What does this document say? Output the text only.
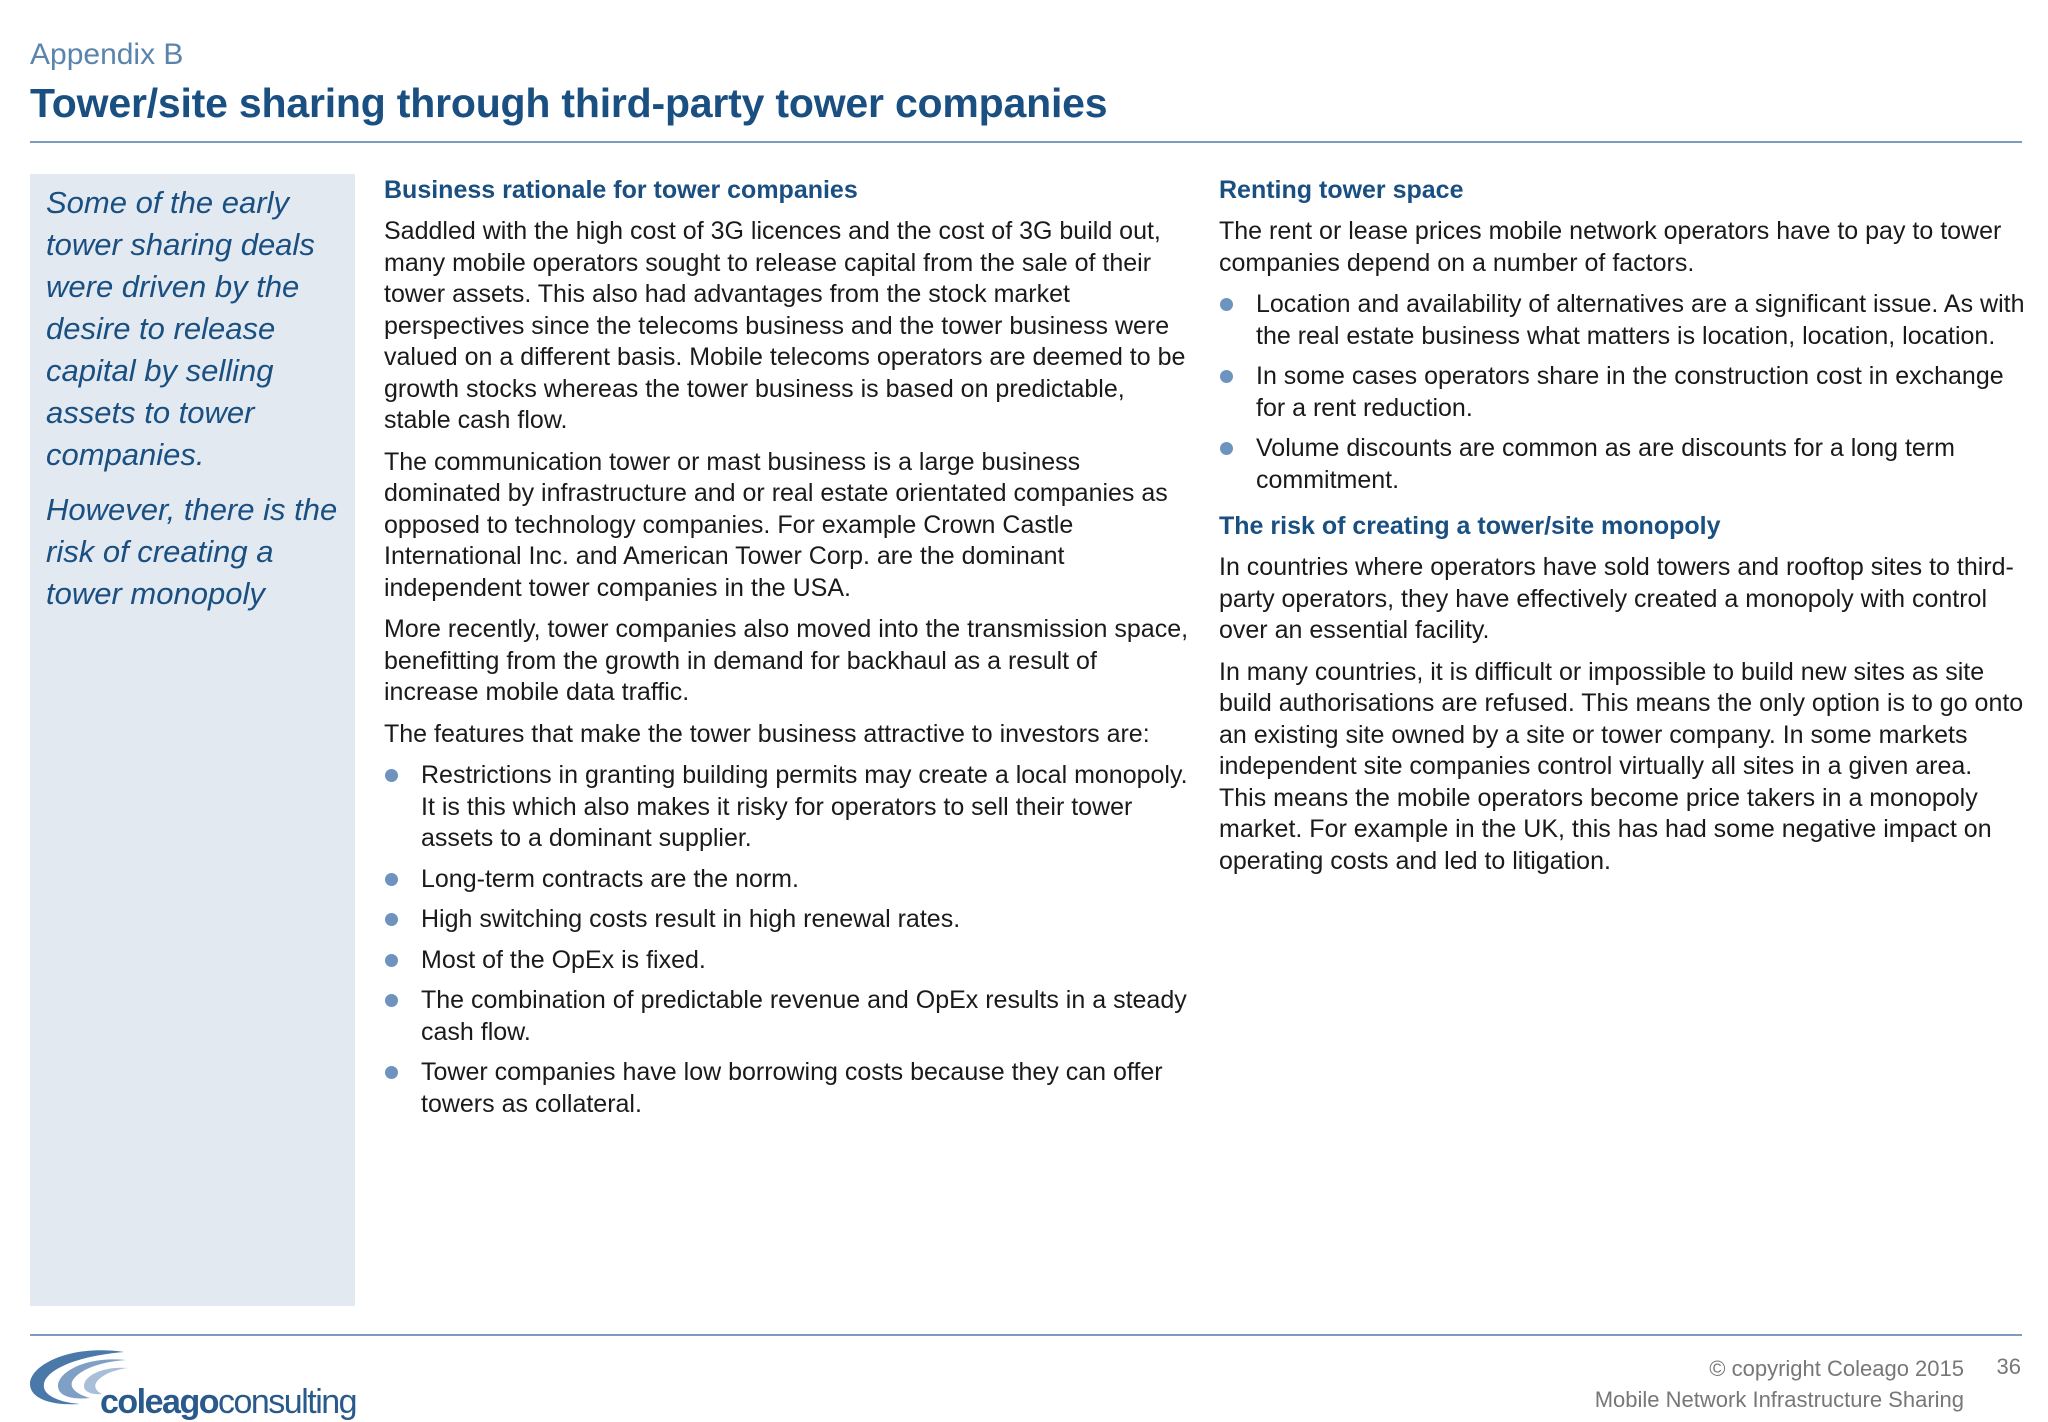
Appendix B
Tower/site sharing through third-party tower companies

Some of the early tower sharing deals were driven by the desire to release capital by selling assets to tower companies.

However, there is the risk of creating a tower monopoly

Business rationale for tower companies

Saddled with the high cost of 3G licences and the cost of 3G build out, many mobile operators sought to release capital from the sale of their tower assets. This also had advantages from the stock market perspectives since the telecoms business and the tower business were valued on a different basis. Mobile telecoms operators are deemed to be growth stocks whereas the tower business is based on predictable, stable cash flow.

The communication tower or mast business is a large business dominated by infrastructure and or real estate orientated companies as opposed to technology companies. For example Crown Castle International Inc. and American Tower Corp. are the dominant independent tower companies in the USA.

More recently, tower companies also moved into the transmission space, benefitting from the growth in demand for backhaul as a result of increase mobile data traffic.

The features that make the tower business attractive to investors are:

Restrictions in granting building permits may create a local monopoly. It is this which also makes it risky for operators to sell their tower assets to a dominant supplier.
Long-term contracts are the norm.
High switching costs result in high renewal rates.
Most of the OpEx is fixed.
The combination of predictable revenue and OpEx results in a steady cash flow.
Tower companies have low borrowing costs because they can offer towers as collateral.
Renting tower space

The rent or lease prices mobile network operators have to pay to tower companies depend on a number of factors.

Location and availability of alternatives are a significant issue. As with the real estate business what matters is location, location, location.
In some cases operators share in the construction cost in exchange for a rent reduction.
Volume discounts are common as are discounts for a long term commitment.
The risk of creating a tower/site monopoly

In countries where operators have sold towers and rooftop sites to third-party operators, they have effectively created a monopoly with control over an essential facility.

In many countries, it is difficult or impossible to build new sites as site build authorisations are refused. This means the only option is to go onto an existing site owned by a site or tower company. In some markets independent site companies control virtually all sites in a given area. This means the mobile operators become price takers in a monopoly market. For example in the UK, this has had some negative impact on operating costs and led to litigation.

coleagoconsulting
© copyright Coleago 2015 36
Mobile Network Infrastructure Sharing
